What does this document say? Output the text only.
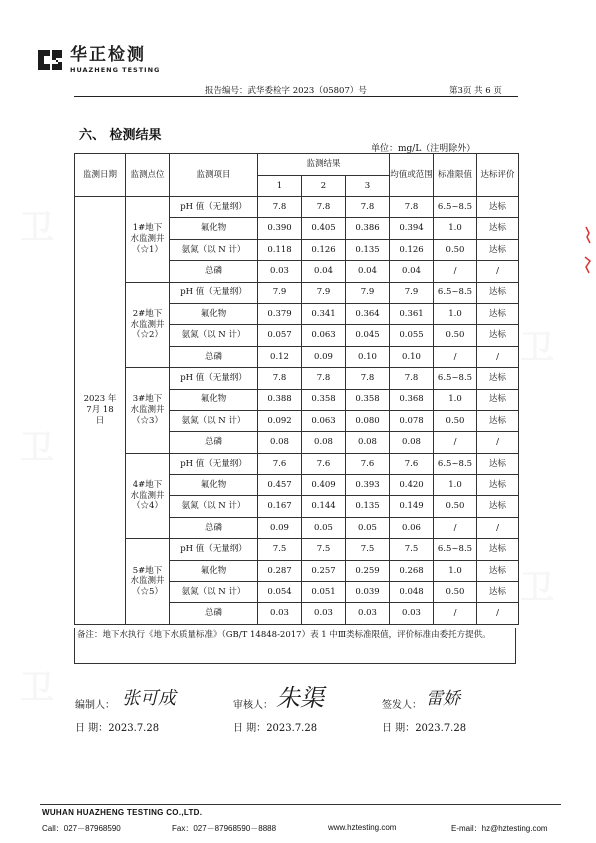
华正检测
HUAZHENG TESTING
报告编号：武华委检字 2023（05807）号	第3页 共 6 页
六、 检测结果
单位：mg/L（注明除外）
监测日期	监测点位	监测项目	监测结果			均值或范围	标准限值	达标评价
			1	2	3			
2023 年 7月 18 日	1#地下水监测井（☆1）	pH 值（无量纲）	7.8	7.8	7.8	7.8	6.5~8.5	达标
		氟化物	0.390	0.405	0.386	0.394	1.0	达标
		氨氮（以 N 计）	0.118	0.126	0.135	0.126	0.50	达标
		总磷	0.03	0.04	0.04	0.04	/	/
	2#地下水监测井（☆2）	pH 值（无量纲）	7.9	7.9	7.9	7.9	6.5~8.5	达标
		氟化物	0.379	0.341	0.364	0.361	1.0	达标
		氨氮（以 N 计）	0.057	0.063	0.045	0.055	0.50	达标
		总磷	0.12	0.09	0.10	0.10	/	/
	3#地下水监测井（☆3）	pH 值（无量纲）	7.8	7.8	7.8	7.8	6.5~8.5	达标
		氟化物	0.388	0.358	0.358	0.368	1.0	达标
		氨氮（以 N 计）	0.092	0.063	0.080	0.078	0.50	达标
		总磷	0.08	0.08	0.08	0.08	/	/
	4#地下水监测井（☆4）	pH 值（无量纲）	7.6	7.6	7.6	7.6	6.5~8.5	达标
		氟化物	0.457	0.409	0.393	0.420	1.0	达标
		氨氮（以 N 计）	0.167	0.144	0.135	0.149	0.50	达标
		总磷	0.09	0.05	0.05	0.06	/	/
	5#地下水监测井（☆5）	pH 值（无量纲）	7.5	7.5	7.5	7.5	6.5~8.5	达标
		氟化物	0.287	0.257	0.259	0.268	1.0	达标
		氨氮（以 N 计）	0.054	0.051	0.039	0.048	0.50	达标
		总磷	0.03	0.03	0.03	0.03	/	/
备注：地下水执行《地下水质量标准》（GB/T 14848-2017）表 1 中Ⅲ类标准限值，评价标准由委托方提供。
编制人： 张可成	审核人： 朱渠	签发人： 雷娇
日 期：2023.7.28	日 期：2023.7.28	日 期：2023.7.28
WUHAN HUAZHENG TESTING CO.,LTD.
Call：027－87968590	Fax：027－87968590－8888	www.hztesting.com	E-mail：hz@hztesting.com
